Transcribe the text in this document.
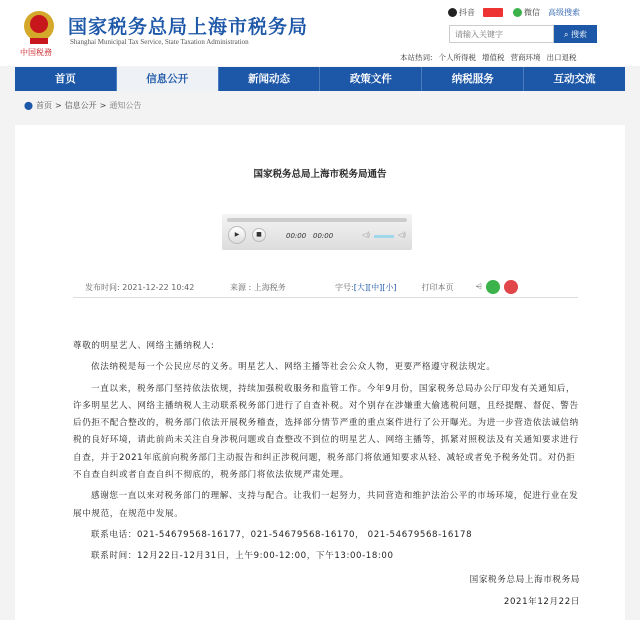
中国税務
国家税务总局上海市税务局
Shanghai Municipal Tax Service, State Taxation Administration
抖音	微信 高级搜索
请输入关键字
⌕ 搜索
本站热词: 个人所得税 增值税 营商环境 出口退税
首页	信息公开	新闻动态	政策文件	纳税服务	互动交流
⬤ 首页 > 信息公开 > 通知公告
国家税务总局上海市税务局通告
▶	■	00:00 00:00	◁)	◁)
发布时间: 2021-12-22 10:42	来源 : 上海税务	字号: [大] [中] [小]	打印本页	⩤

尊敬的明星艺人、网络主播纳税人:

依法纳税是每一个公民应尽的义务。明星艺人、网络主播等社会公众人物，更要严格遵守税法规定。

一直以来，税务部门坚持依法依规，持续加强税收服务和监管工作。今年9月份，国家税务总局办公厅印发有关通知后，许多明星艺人、网络主播纳税人主动联系税务部门进行了自查补税。对个别存在涉嫌重大偷逃税问题，且经提醒、督促、警告后仍拒不配合整改的，税务部门依法开展税务稽查，选择部分情节严重的重点案件进行了公开曝光。为进一步营造依法诚信纳税的良好环境，请此前尚未关注自身涉税问题或自查整改不到位的明星艺人、网络主播等，抓紧对照税法及有关通知要求进行自查，并于2021年底前向税务部门主动报告和纠正涉税问题，税务部门将依通知要求从轻、减轻或者免予税务处罚。对仍拒不自查自纠或者自查自纠不彻底的，税务部门将依法依规严肃处理。

感谢您一直以来对税务部门的理解、支持与配合。让我们一起努力，共同营造和维护法治公平的市场环境，促进行业在发展中规范，在规范中发展。

联系电话：021-54679568-16177，021-54679568-16170， 021-54679568-16178

联系时间：12月22日-12月31日，上午9:00-12:00，下午13:00-18:00

国家税务总局上海市税务局

2021年12月22日
